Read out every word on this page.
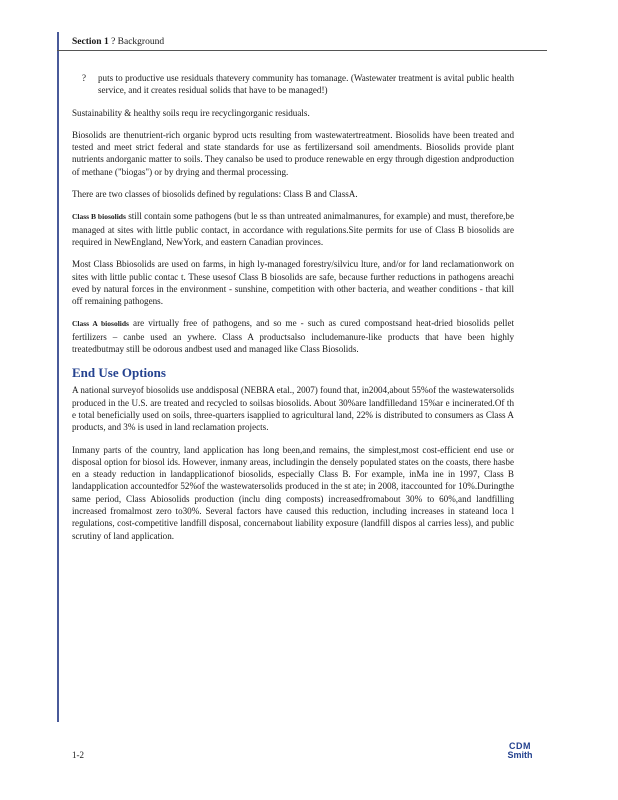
Section 1 ? Background
? puts to productive use residuals thatevery community has tomanage. (Wastewater treatment is avital public health service, and it creates residual solids that have to be managed!)

Sustainability & healthy soils requ ire recyclingorganic residuals.

Biosolids are thenutrient-rich organic byprod ucts resulting from wastewatertreatment. Biosolids have been treated and tested and meet strict federal and state standards for use as fertilizersand soil amendments. Biosolids provide plant nutrients andorganic matter to soils. They canalso be used to produce renewable en ergy through digestion andproduction of methane ("biogas") or by drying and thermal processing.

There are two classes of biosolids defined by regulations: Class B and ClassA.

Class B biosolids still contain some pathogens (but le ss than untreated animalmanures, for example) and must, therefore,be managed at sites with little public contact, in accordance with regulations.Site permits for use of Class B biosolids are required in NewEngland, NewYork, and eastern Canadian provinces.

Most Class Bbiosolids are used on farms, in high ly-managed forestry/silvicu lture, and/or for land reclamationwork on sites with little public contac t. These usesof Class B biosolids are safe, because further reductions in pathogens areachi eved by natural forces in the environment - sunshine, competition with other bacteria, and weather conditions - that kill off remaining pathogens.

Class A biosolids are virtually free of pathogens, and so me - such as cured compostsand heat-dried biosolids pellet fertilizers – canbe used an ywhere. Class A productsalso includemanure-like products that have been highly treatedbutmay still be odorous andbest used and managed like Class Biosolids.

End Use Options

A national surveyof biosolids use anddisposal (NEBRA etal., 2007) found that, in2004,about 55%of the wastewatersolids produced in the U.S. are treated and recycled to soilsas biosolids. About 30%are landfilledand 15%ar e incinerated.Of th e total beneficially used on soils, three-quarters isapplied to agricultural land, 22% is distributed to consumers as Class A products, and 3% is used in land reclamation projects.

Inmany parts of the country, land application has long been,and remains, the simplest,most cost-efficient end use or disposal option for biosol ids. However, inmany areas, includingin the densely populated states on the coasts, there hasbe en a steady reduction in landapplicationof biosolids, especially Class B. For example, inMa ine in 1997, Class B landapplication accountedfor 52%of the wastewatersolids produced in the st ate; in 2008, itaccounted for 10%.Duringthe same period, Class Abiosolids production (inclu ding composts) increasedfromabout 30% to 60%,and landfilling increased fromalmost zero to30%. Several factors have caused this reduction, including increases in stateand loca l regulations, cost-competitive landfill disposal, concernabout liability exposure (landfill dispos al carries less), and public scrutiny of land application.

1-2
CDM
Smith
